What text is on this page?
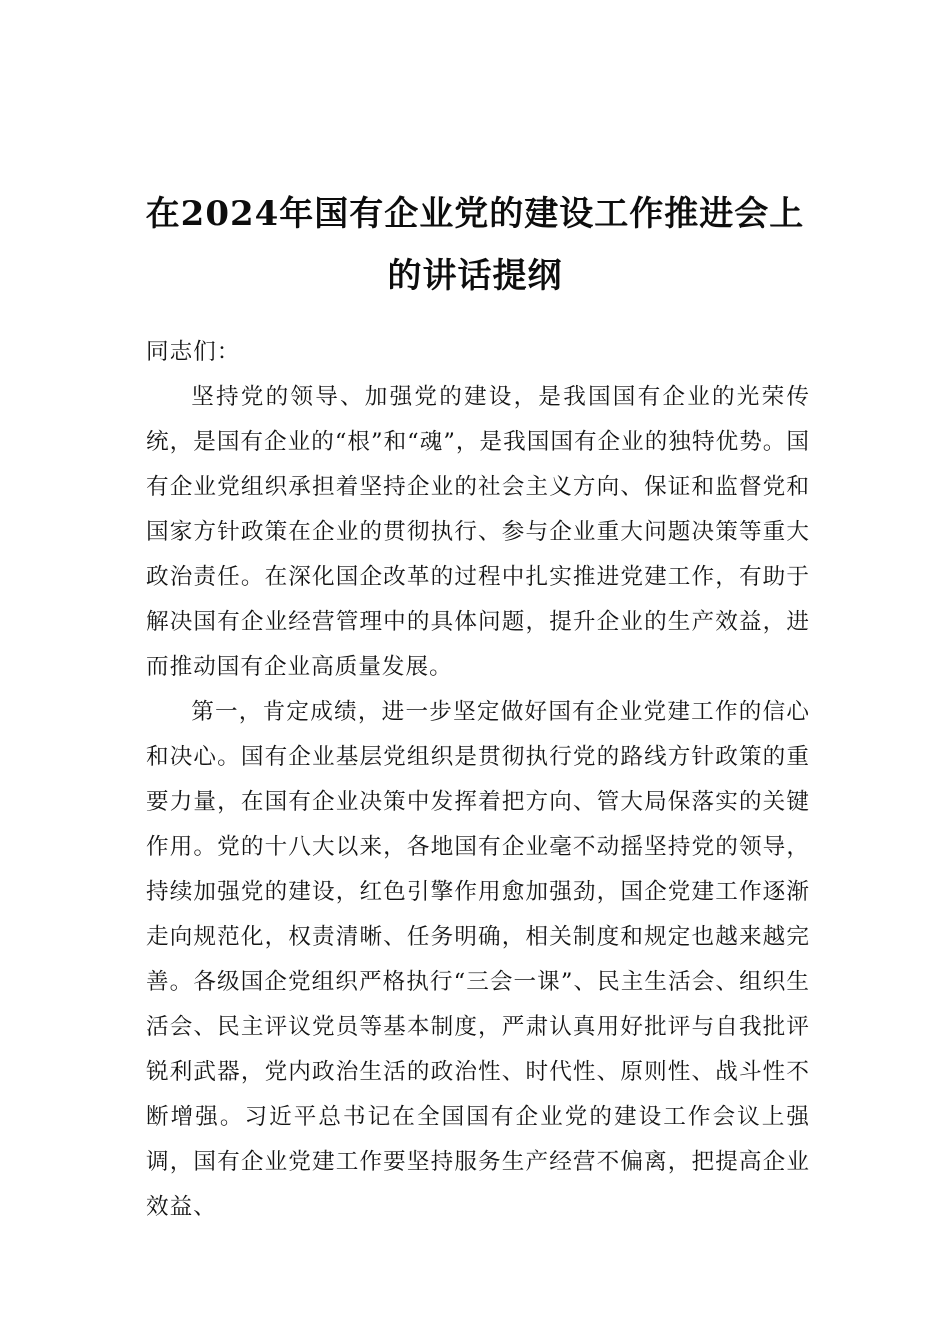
在2024年国有企业党的建设工作推进会上
的讲话提纲

同志们：

坚持党的领导、加强党的建设，是我国国有企业的光荣传统，是国有企业的“根”和“魂”，是我国国有企业的独特优势。国有企业党组织承担着坚持企业的社会主义方向、保证和监督党和国家方针政策在企业的贯彻执行、参与企业重大问题决策等重大政治责任。在深化国企改革的过程中扎实推进党建工作，有助于解决国有企业经营管理中的具体问题，提升企业的生产效益，进而推动国有企业高质量发展。

第一，肯定成绩，进一步坚定做好国有企业党建工作的信心和决心。国有企业基层党组织是贯彻执行党的路线方针政策的重要力量，在国有企业决策中发挥着把方向、管大局保落实的关键作用。党的十八大以来，各地国有企业毫不动摇坚持党的领导，持续加强党的建设，红色引擎作用愈加强劲，国企党建工作逐渐走向规范化，权责清晰、任务明确，相关制度和规定也越来越完善。各级国企党组织严格执行“三会一课”、民主生活会、组织生活会、民主评议党员等基本制度，严肃认真用好批评与自我批评锐利武器，党内政治生活的政治性、时代性、原则性、战斗性不断增强。习近平总书记在全国国有企业党的建设工作会议上强调，国有企业党建工作要坚持服务生产经营不偏离，把提高企业效益、
